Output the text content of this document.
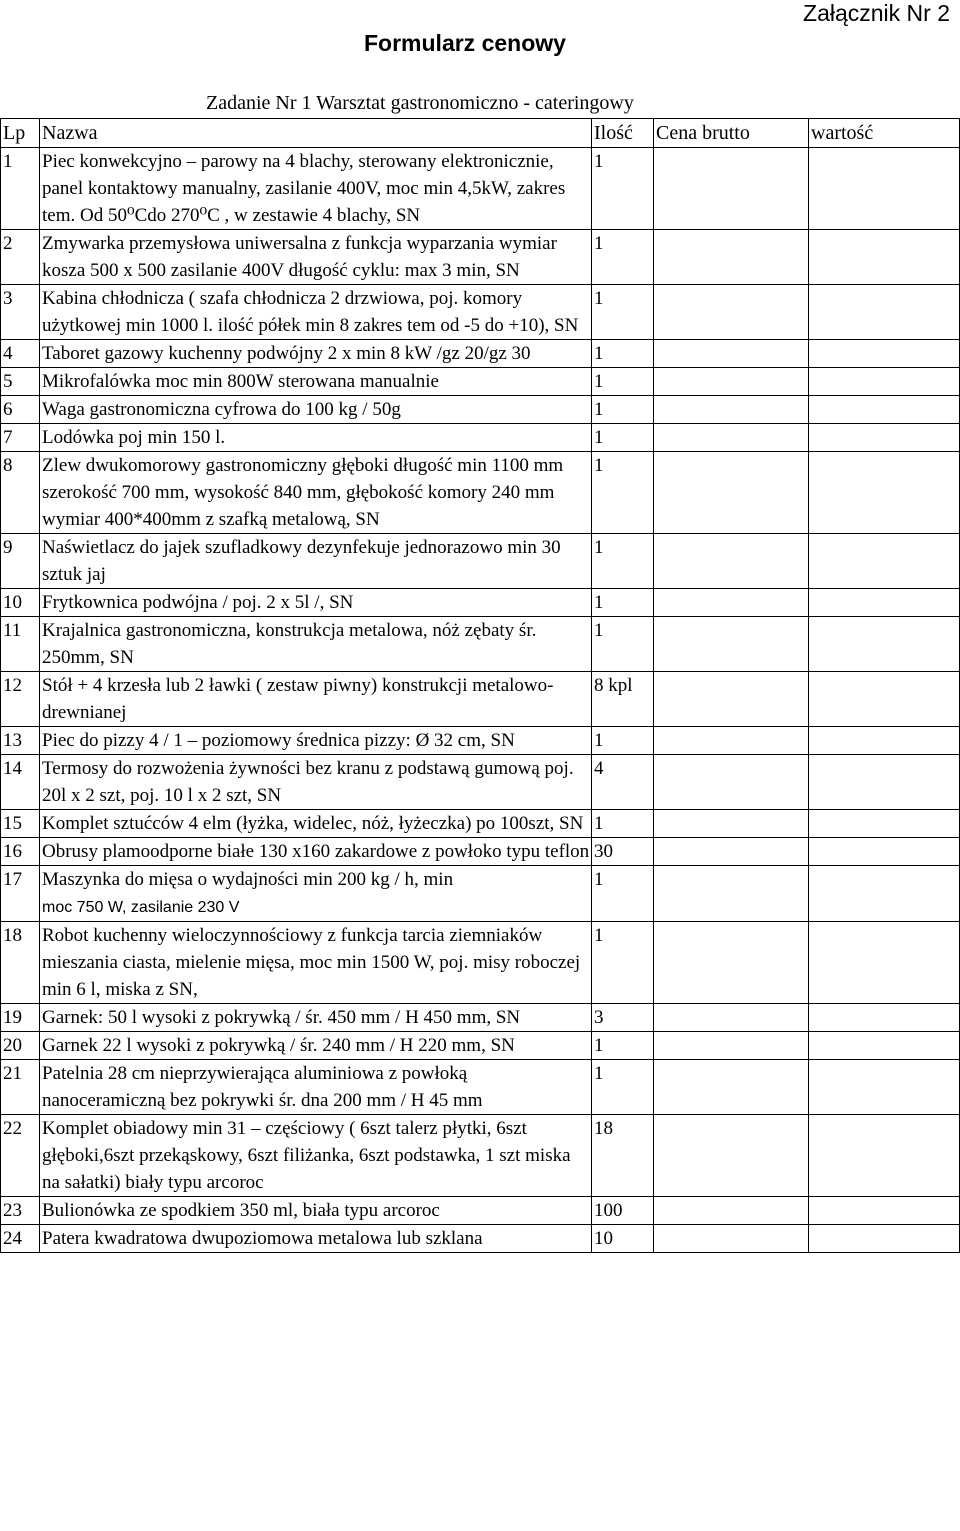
Załącznik Nr 2
Formularz cenowy
Zadanie Nr 1 Warsztat gastronomiczno - cateringowy
Lp	Nazwa	Ilość	Cena brutto	wartość
1	Piec konwekcyjno – parowy na 4 blachy, sterowany elektronicznie, panel kontaktowy manualny, zasilanie 400V, moc min 4,5kW, zakres tem. Od 50⁰Cdo 270⁰C , w zestawie 4 blachy, SN	1		
2	Zmywarka przemysłowa uniwersalna z funkcja wyparzania wymiar kosza 500 x 500 zasilanie 400V długość cyklu: max 3 min, SN	1		
3	Kabina chłodnicza ( szafa chłodnicza 2 drzwiowa, poj. komory użytkowej min 1000 l. ilość półek min 8 zakres tem od -5 do +10), SN	1		
4	Taboret gazowy kuchenny podwójny 2 x min 8 kW /gz 20/gz 30	1		
5	Mikrofalówka moc min 800W sterowana manualnie	1		
6	Waga gastronomiczna cyfrowa do 100 kg / 50g	1		
7	Lodówka poj min 150 l.	1		
8	Zlew dwukomorowy gastronomiczny głęboki długość min 1100 mm szerokość 700 mm, wysokość 840 mm, głębokość komory 240 mm wymiar 400*400mm z szafką metalową, SN	1		
9	Naświetlacz do jajek szufladkowy dezynfekuje jednorazowo min 30 sztuk jaj	1		
10	Frytkownica podwójna / poj. 2 x 5l /, SN	1		
11	Krajalnica gastronomiczna, konstrukcja metalowa, nóż zębaty śr. 250mm, SN	1		
12	Stół + 4 krzesła lub 2 ławki ( zestaw piwny) konstrukcji metalowo-drewnianej	8 kpl		
13	Piec do pizzy 4 / 1 – poziomowy średnica pizzy: Ø 32 cm, SN	1		
14	Termosy do rozwożenia żywności bez kranu z podstawą gumową poj. 20l x 2 szt, poj. 10 l x 2 szt, SN	4		
15	Komplet sztućców 4 elm (łyżka, widelec, nóż, łyżeczka) po 100szt, SN	1		
16	Obrusy plamoodporne białe 130 x160 zakardowe z powłoko typu teflon	30		
17	Maszynka do mięsa o wydajności min 200 kg / h, min
moc 750 W, zasilanie 230 V	1		
18	Robot kuchenny wieloczynnościowy z funkcja tarcia ziemniaków mieszania ciasta, mielenie mięsa, moc min 1500 W, poj. misy roboczej min 6 l, miska z SN,	1		
19	Garnek: 50 l wysoki z pokrywką / śr. 450 mm / H 450 mm, SN	3		
20	Garnek 22 l wysoki z pokrywką / śr. 240 mm / H 220 mm, SN	1		
21	Patelnia 28 cm nieprzywierająca aluminiowa z powłoką nanoceramiczną bez pokrywki śr. dna 200 mm / H 45 mm	1		
22	Komplet obiadowy min 31 – częściowy ( 6szt talerz płytki, 6szt głęboki,6szt przekąskowy, 6szt filiżanka, 6szt podstawka, 1 szt miska na sałatki) biały typu arcoroc	18		
23	Bulionówka ze spodkiem 350 ml, biała typu arcoroc	100		
24	Patera kwadratowa dwupoziomowa metalowa lub szklana	10		
